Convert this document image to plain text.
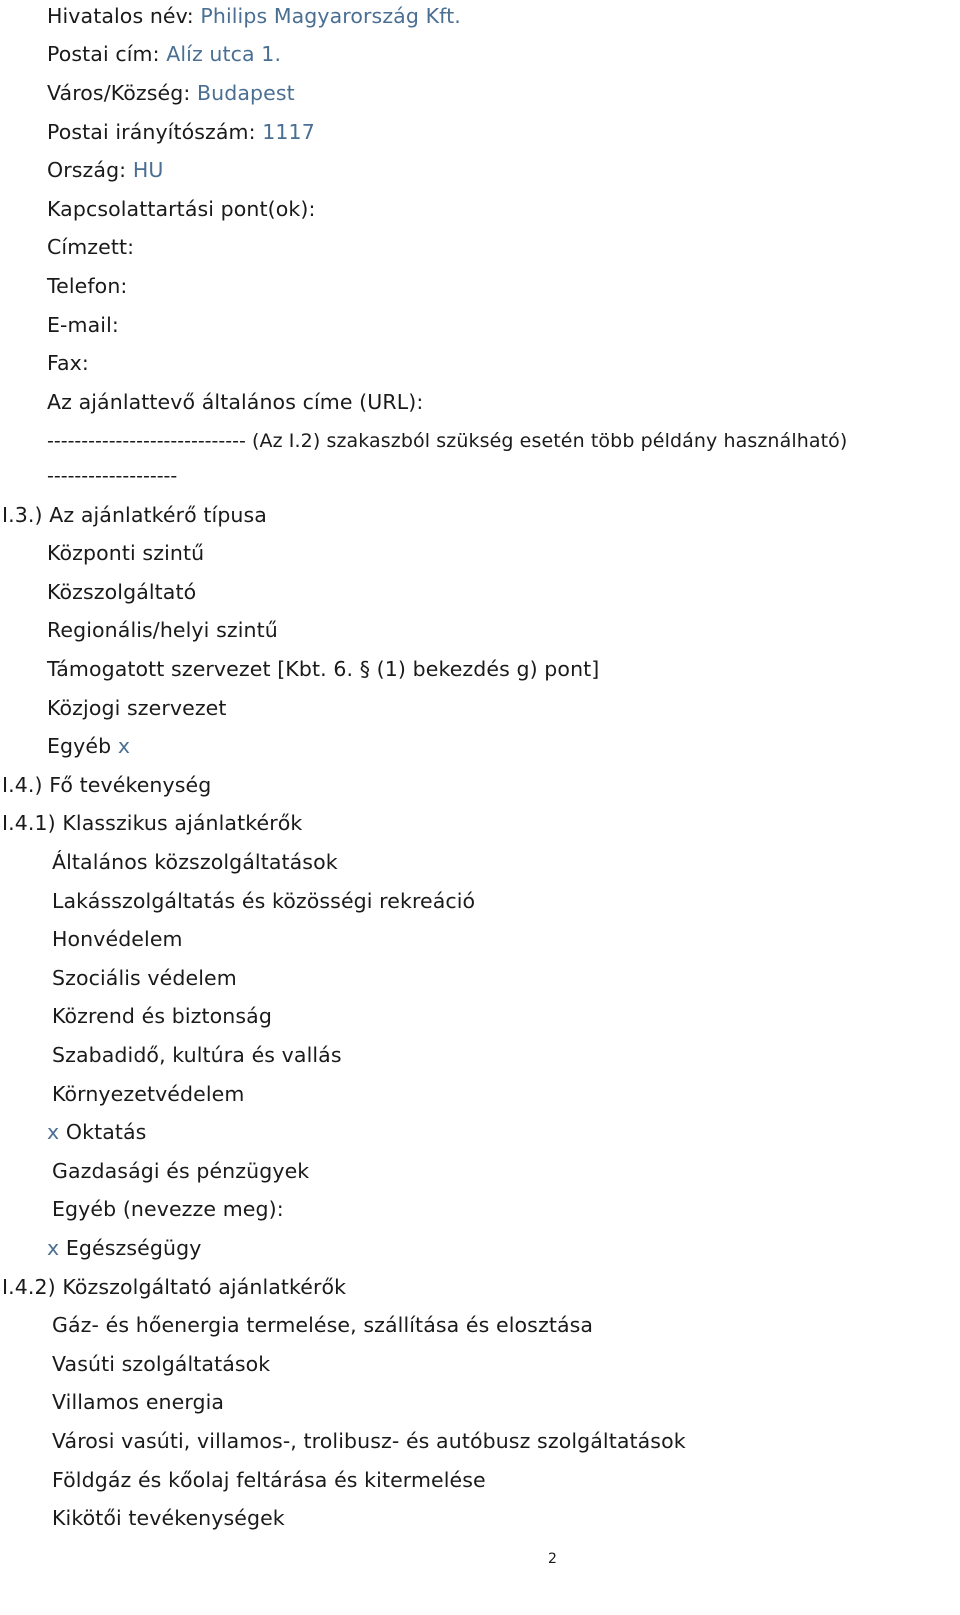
Hivatalos név: Philips Magyarország Kft.
Postai cím: Alíz utca 1.
Város/Község: Budapest
Postai irányítószám: 1117
Ország: HU
Kapcsolattartási pont(ok):
Címzett:
Telefon:
E-mail:
Fax:
Az ajánlattevő általános címe (URL):
----------------------------- (Az I.2) szakaszból szükség esetén több példány használható)
-------------------
I.3.) Az ajánlatkérő típusa
Központi szintű
Közszolgáltató
Regionális/helyi szintű
Támogatott szervezet [Kbt. 6. § (1) bekezdés g) pont]
Közjogi szervezet
Egyéb x
I.4.) Fő tevékenység
I.4.1) Klasszikus ajánlatkérők
Általános közszolgáltatások
Lakásszolgáltatás és közösségi rekreáció
Honvédelem
Szociális védelem
Közrend és biztonság
Szabadidő, kultúra és vallás
Környezetvédelem
x Oktatás
Gazdasági és pénzügyek
Egyéb (nevezze meg):
x Egészségügy
I.4.2) Közszolgáltató ajánlatkérők
Gáz- és hőenergia termelése, szállítása és elosztása
Vasúti szolgáltatások
Villamos energia
Városi vasúti, villamos-, trolibusz- és autóbusz szolgáltatások
Földgáz és kőolaj feltárása és kitermelése
Kikötői tevékenységek
2
